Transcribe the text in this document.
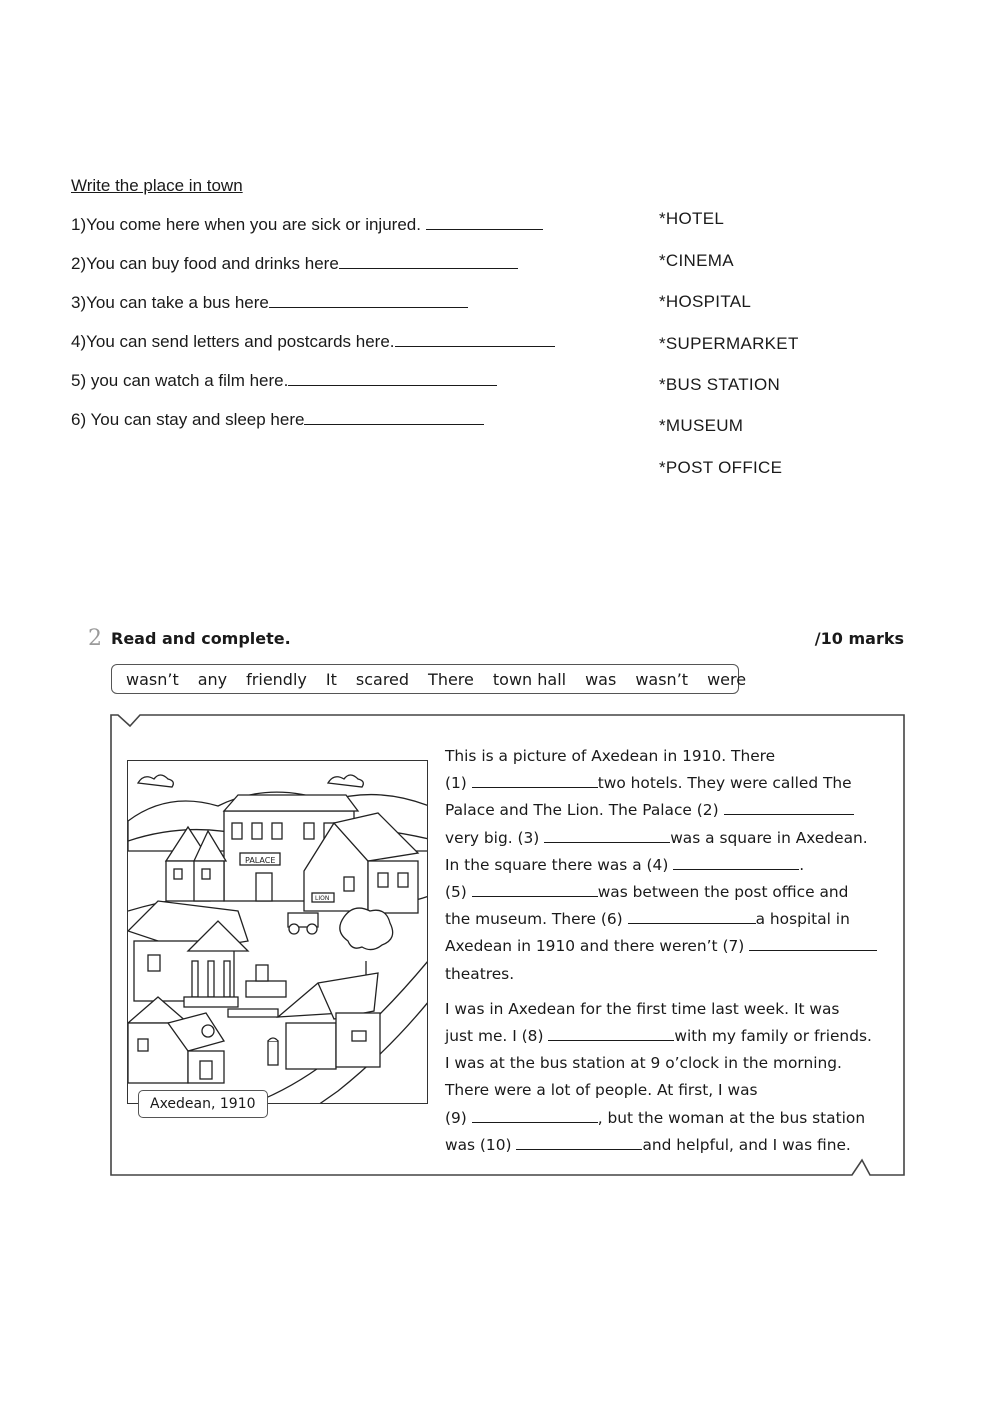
Write the place in town
1)You come here when you are sick or injured.
2)You can buy food and drinks here
3)You can take a bus here
4)You can send letters and postcards here.
5) you can watch a film here.
6) You can stay and sleep here
*HOTEL
*CINEMA
*HOSPITAL
*SUPERMARKET
*BUS STATION
*MUSEUM
*POST OFFICE
2 Read and complete.	/10 marks
wasn’t any friendly It scared There town hall was wasn’t were
PALACE
LION
Axedean, 1910

This is a picture of Axedean in 1910. There
(1)	two hotels. They were called The
Palace and The Lion. The Palace (2)
very big. (3)	was a square in Axedean.
In the square there was a (4)	.
(5)	was between the post office and
the museum. There (6)	a hospital in
Axedean in 1910 and there weren’t (7)
theatres.

I was in Axedean for the first time last week. It was
just me. I (8)	with my family or friends.
I was at the bus station at 9 o’clock in the morning.
There were a lot of people. At first, I was
(9)	, but the woman at the bus station
was (10)	and helpful, and I was fine.
